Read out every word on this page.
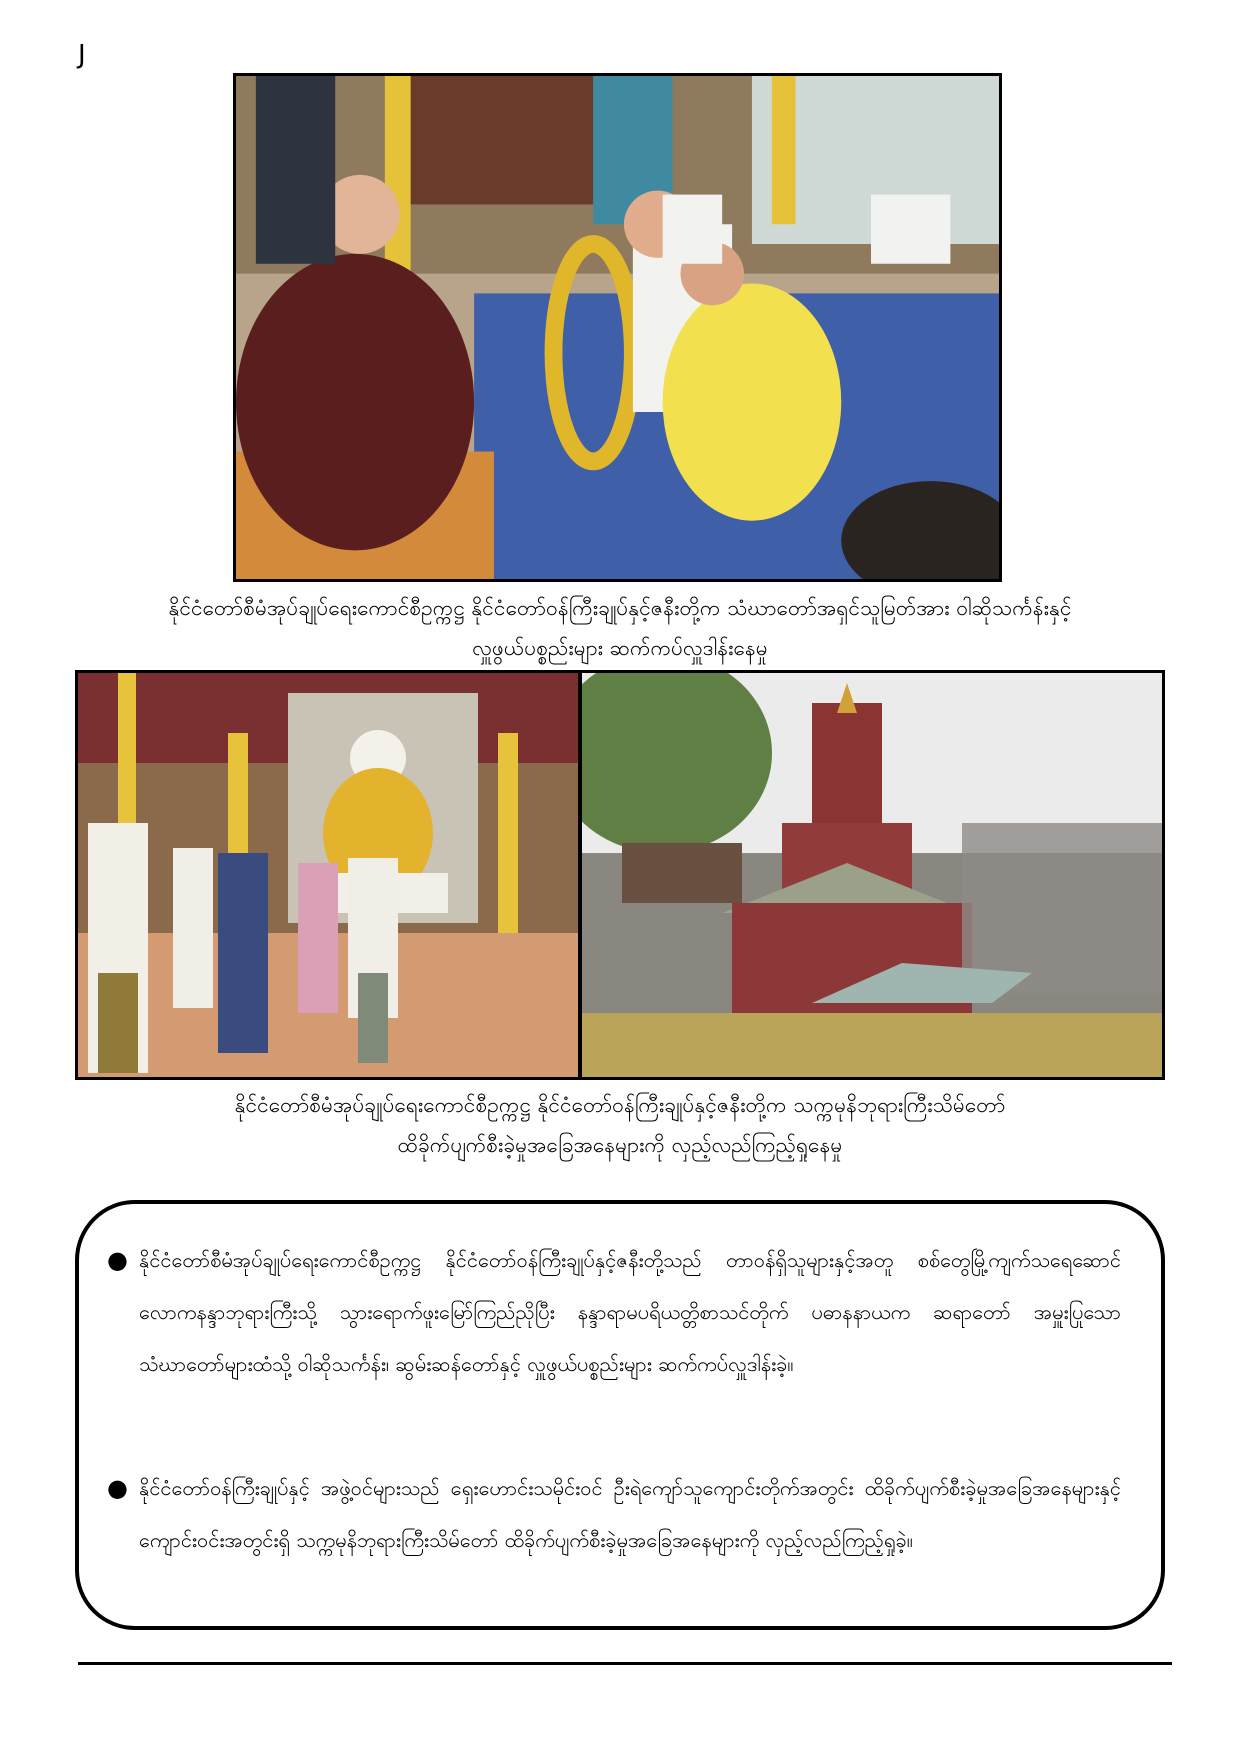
J
နိုင်ငံတော်စီမံအုပ်ချုပ်ရေးကောင်စီဥက္ကဋ္ဌ နိုင်ငံတော်ဝန်ကြီးချုပ်နှင့်ဇနီးတို့က သံဃာတော်အရှင်သူမြတ်အား ဝါဆိုသင်္ကန်းနှင့်
လှူဖွယ်ပစ္စည်းများ ဆက်ကပ်လှူဒါန်းနေမှု
နိုင်ငံတော်စီမံအုပ်ချုပ်ရေးကောင်စီဥက္ကဋ္ဌ နိုင်ငံတော်ဝန်ကြီးချုပ်နှင့်ဇနီးတို့က သက္ကမုနိဘုရားကြီးသိမ်တော်
ထိခိုက်ပျက်စီးခဲ့မှုအခြေအနေများကို လှည့်လည်ကြည့်ရှုနေမှု
● နိုင်ငံတော်စီမံအုပ်ချုပ်ရေးကောင်စီဥက္ကဋ္ဌ နိုင်ငံတော်ဝန်ကြီးချုပ်နှင့်ဇနီးတို့သည် တာဝန်ရှိသူများနှင့်အတူ စစ်တွေမြို့ကျက်သရေဆောင် လောကနန္ဒာဘုရားကြီးသို့ သွားရောက်ဖူးမြော်ကြည်ညိုပြီး နန္ဒာရာမပရိယတ္တိစာသင်တိုက် ပဓာနနာယက ဆရာတော် အမှူးပြုသောသံဃာတော်များထံသို့ ဝါဆိုသင်္ကန်း၊ ဆွမ်းဆန်တော်နှင့် လှူဖွယ်ပစ္စည်းများ ဆက်ကပ်လှူဒါန်းခဲ့။
● နိုင်ငံတော်ဝန်ကြီးချုပ်နှင့် အဖွဲ့ဝင်များသည် ရှေးဟောင်းသမိုင်းဝင် ဦးရဲကျော်သူကျောင်းတိုက်အတွင်း ထိခိုက်ပျက်စီးခဲ့မှုအခြေအနေများနှင့် ကျောင်းဝင်းအတွင်းရှိ သက္ကမုနိဘုရားကြီးသိမ်တော် ထိခိုက်ပျက်စီးခဲ့မှုအခြေအနေများကို လှည့်လည်ကြည့်ရှုခဲ့။
